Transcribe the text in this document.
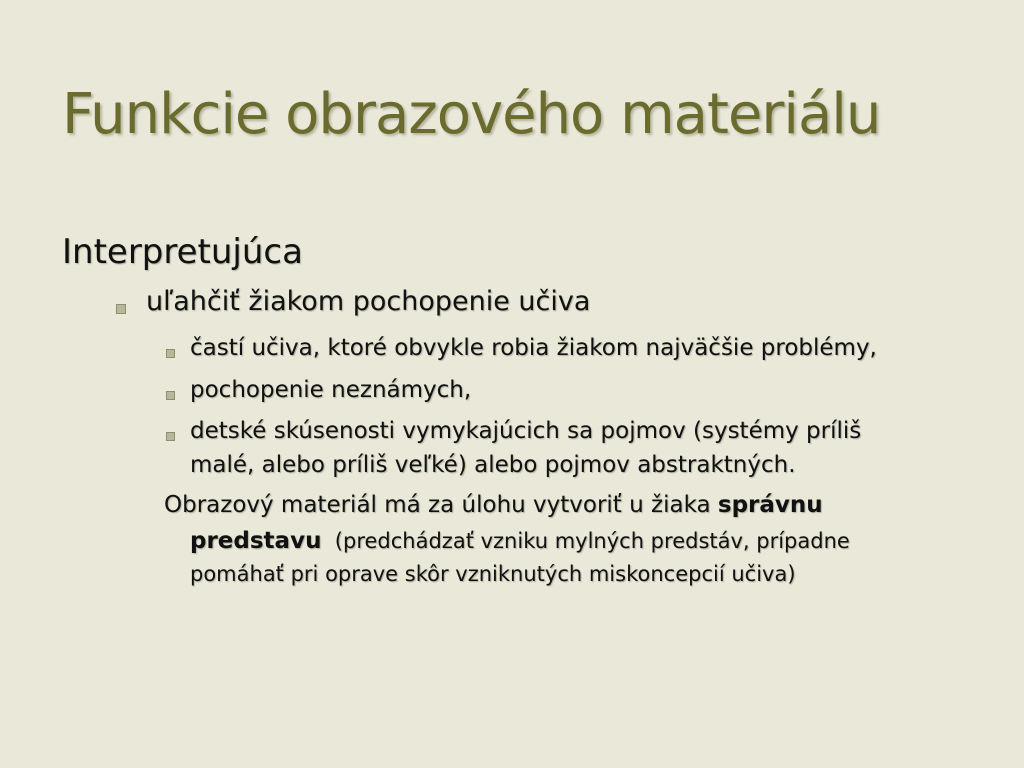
Funkcie obrazového materiálu
Interpretujúca
uľahčiť žiakom pochopenie učiva
častí učiva, ktoré obvykle robia žiakom najväčšie problémy,
pochopenie neznámych,
detské skúsenosti vymykajúcich sa pojmov (systémy príliš
malé, alebo príliš veľké) alebo pojmov abstraktných.
Obrazový materiál má za úlohu vytvoriť u žiaka správnu
predstavu  (predchádzať vzniku mylných predstáv, prípadne
pomáhať pri oprave skôr vzniknutých miskoncepcií učiva)
